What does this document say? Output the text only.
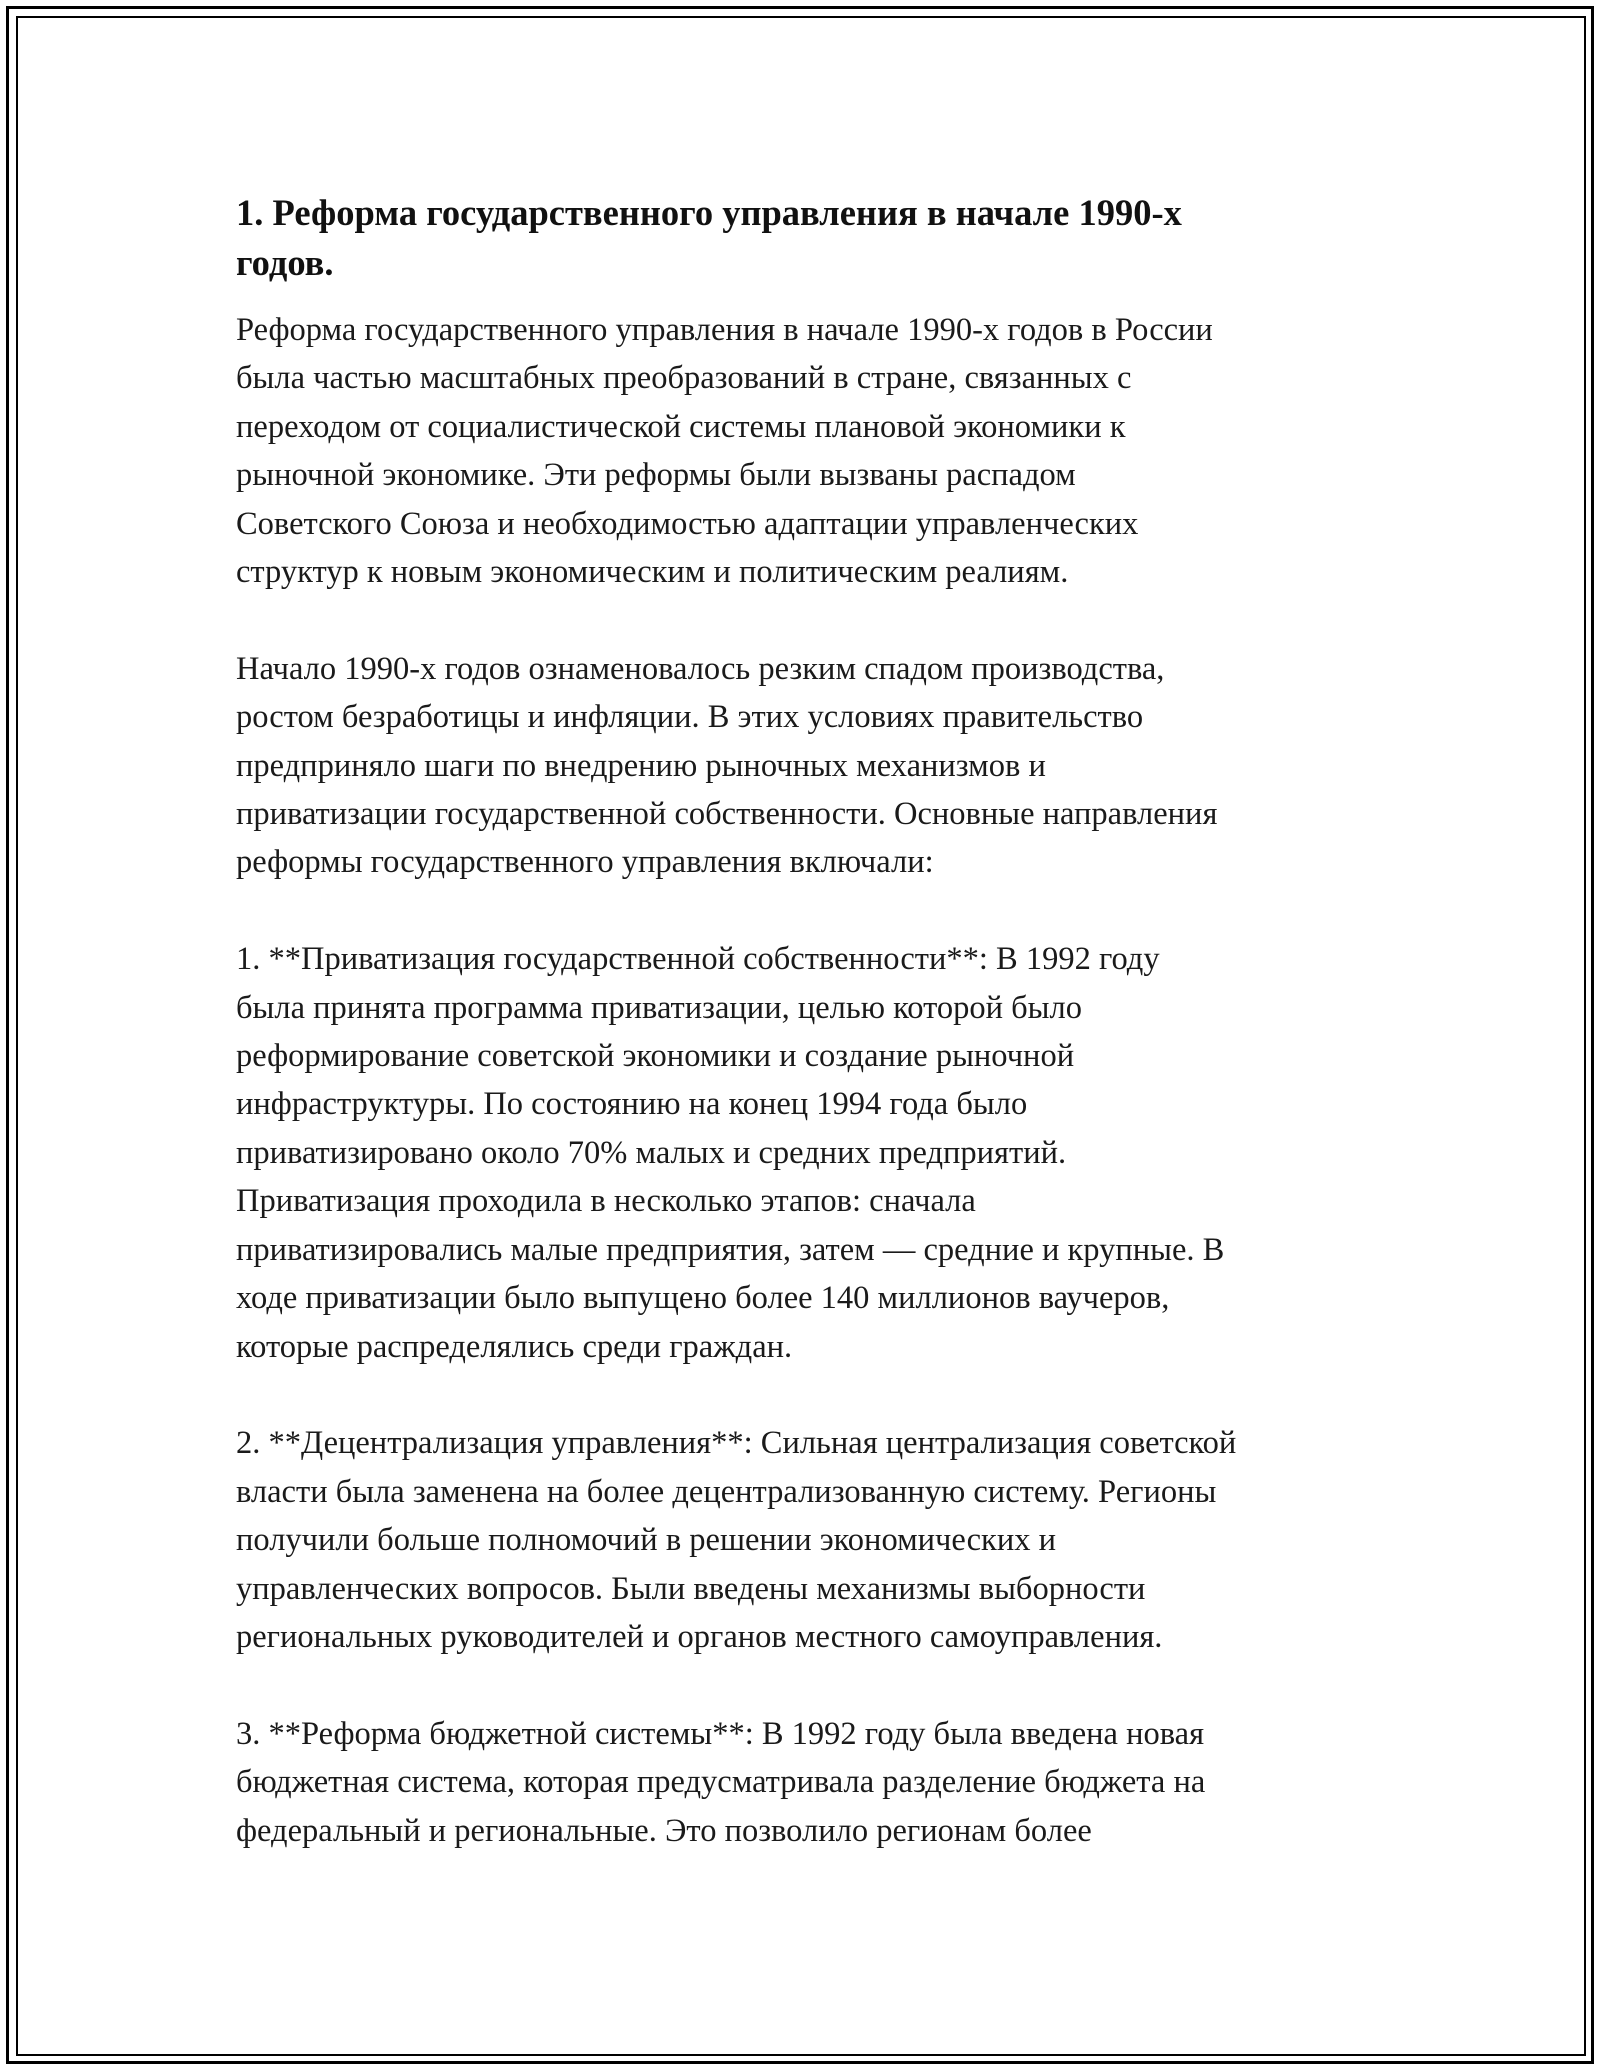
1. Реформа государственного управления в начале 1990-х
годов.

Реформа государственного управления в начале 1990-х годов в России
была частью масштабных преобразований в стране, связанных с
переходом от социалистической системы плановой экономики к
рыночной экономике. Эти реформы были вызваны распадом
Советского Союза и необходимостью адаптации управленческих
структур к новым экономическим и политическим реалиям.

Начало 1990-х годов ознаменовалось резким спадом производства,
ростом безработицы и инфляции. В этих условиях правительство
предприняло шаги по внедрению рыночных механизмов и
приватизации государственной собственности. Основные направления
реформы государственного управления включали:

1. **Приватизация государственной собственности**: В 1992 году
была принята программа приватизации, целью которой было
реформирование советской экономики и создание рыночной
инфраструктуры. По состоянию на конец 1994 года было
приватизировано около 70% малых и средних предприятий.
Приватизация проходила в несколько этапов: сначала
приватизировались малые предприятия, затем — средние и крупные. В
ходе приватизации было выпущено более 140 миллионов ваучеров,
которые распределялись среди граждан.

2. **Децентрализация управления**: Сильная централизация советской
власти была заменена на более децентрализованную систему. Регионы
получили больше полномочий в решении экономических и
управленческих вопросов. Были введены механизмы выборности
региональных руководителей и органов местного самоуправления.

3. **Реформа бюджетной системы**: В 1992 году была введена новая
бюджетная система, которая предусматривала разделение бюджета на
федеральный и региональные. Это позволило регионам более
